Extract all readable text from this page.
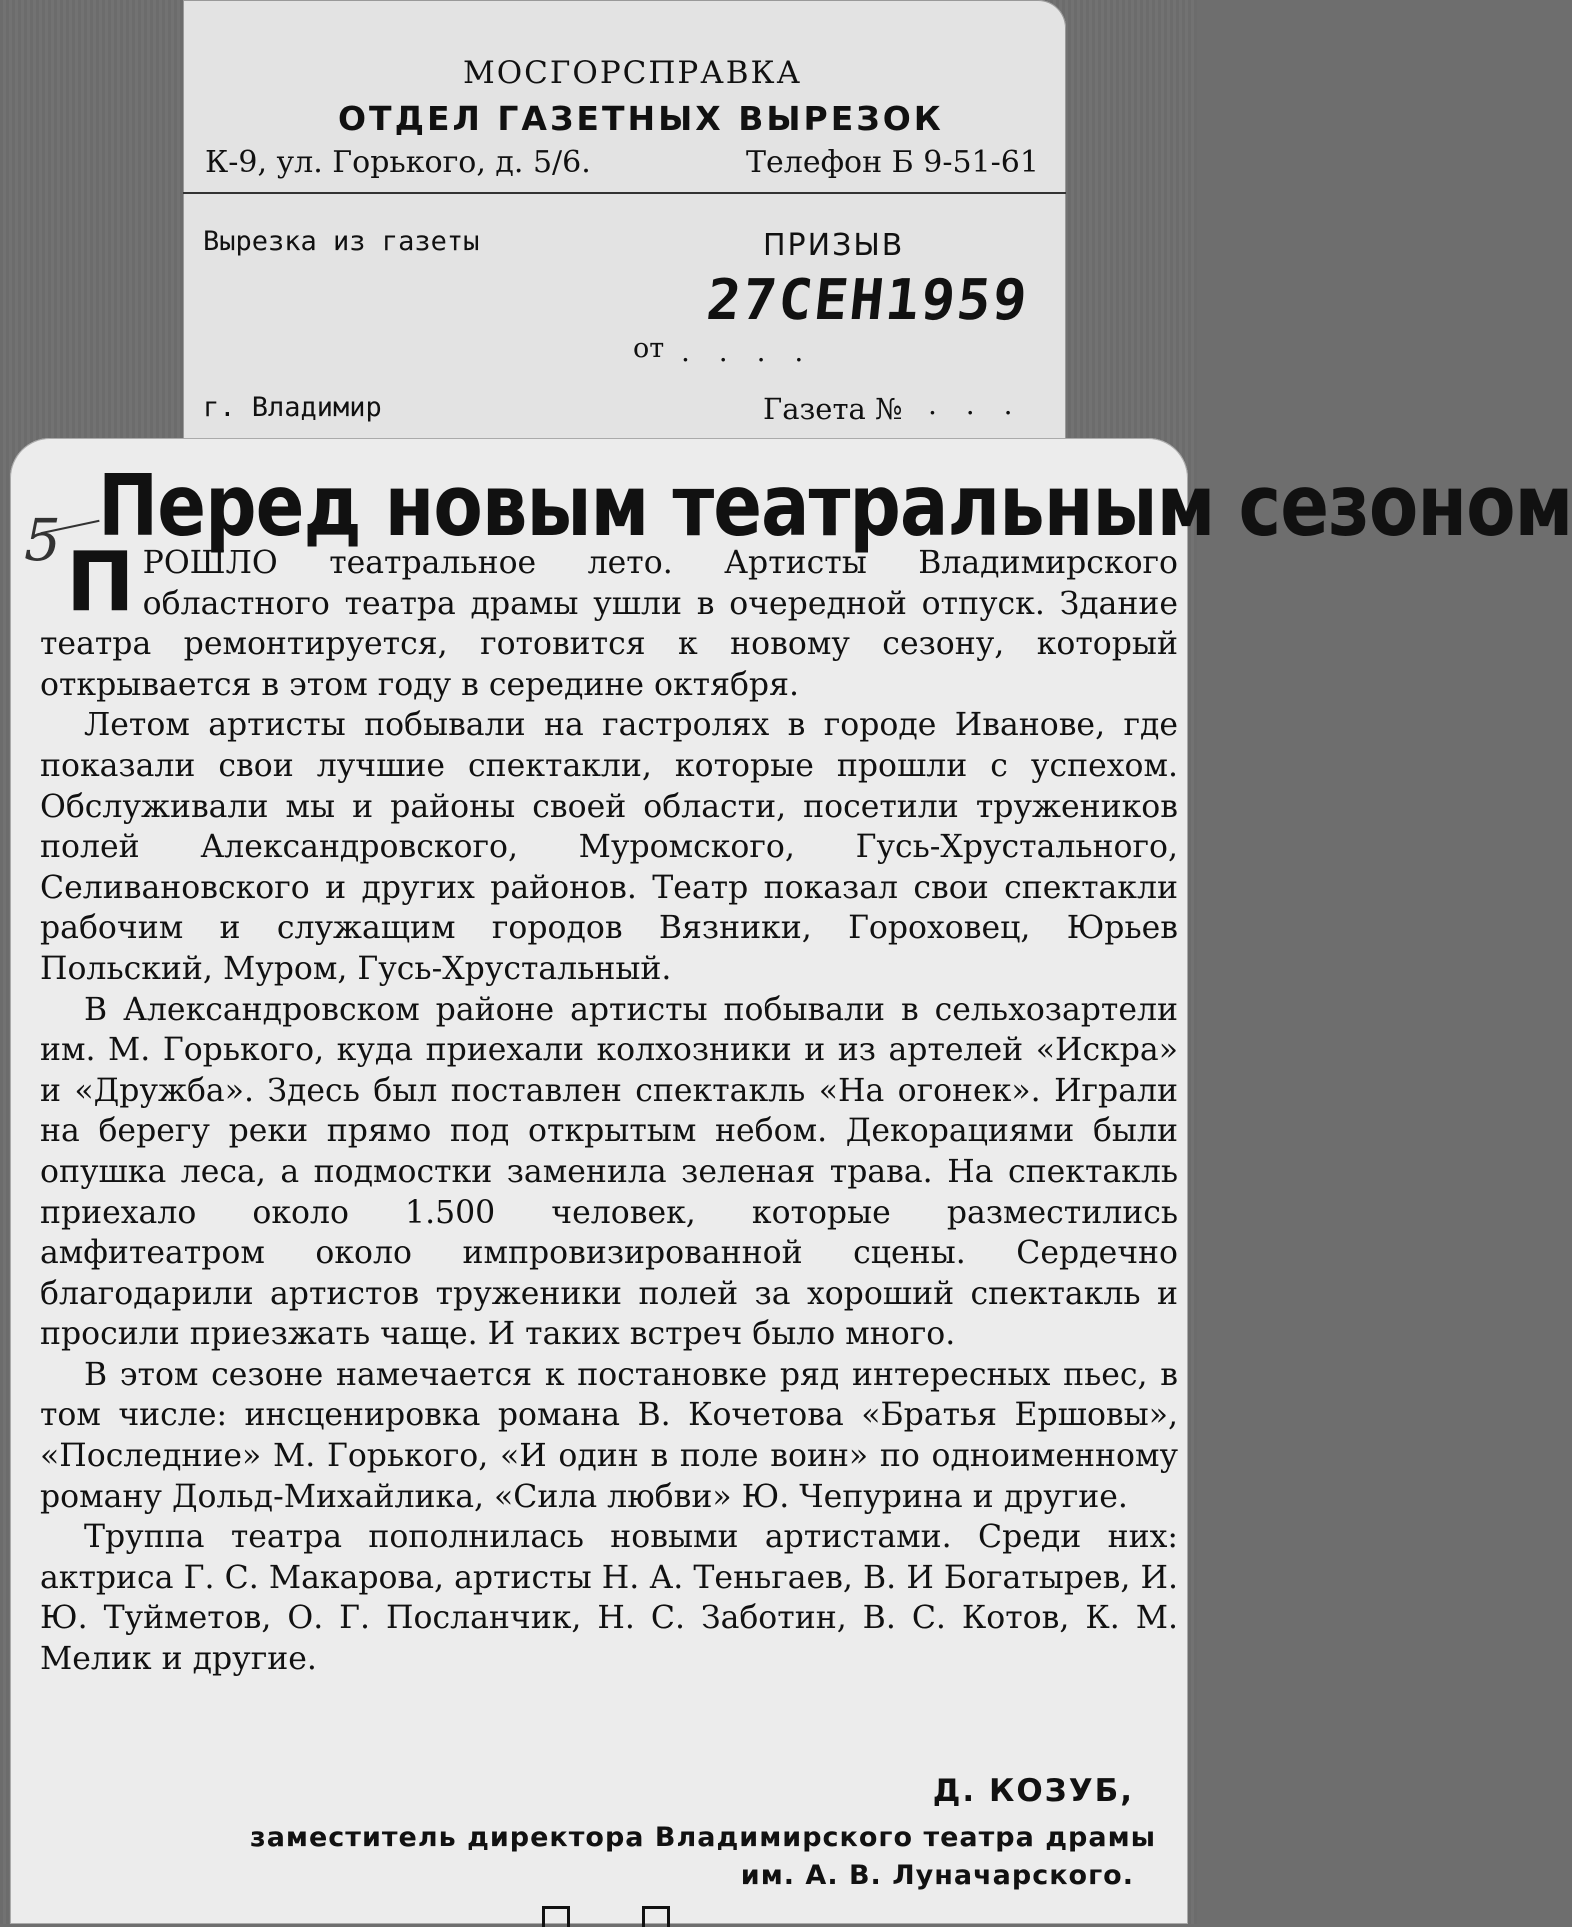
МОСГОРСПРАВКА
ОТДЕЛ ГАЗЕТНЫХ ВЫРЕЗОК
К-9, ул. Горького, д. 5/6.	Телефон Б 9-51-61
Вырезка из газеты	ПРИЗЫВ
27СЕН1959
от . . . .
г. Владимир	Газета № . . .
5 Перед новым театральным сезоном

ПРОШЛО театральное лето. Артисты Владимирского областного театра драмы ушли в очередной отпуск. Здание театра ремонтируется, готовится к новому сезону, который открывается в этом году в середине октября.

Летом артисты побывали на гастролях в городе Иванове, где показали свои лучшие спектакли, которые прошли с успехом. Обслуживали мы и районы своей области, посетили тружеников полей Александровского, Муромского, Гусь-Хрустального, Селивановского и других районов. Театр показал свои спектакли рабочим и служащим городов Вязники, Гороховец, Юрьев Польский, Муром, Гусь-Хрустальный.

В Александровском районе артисты побывали в сельхозартели им. М. Горького, куда приехали колхозники и из артелей «Искра» и «Дружба». Здесь был поставлен спектакль «На огонек». Играли на берегу реки прямо под открытым небом. Декорациями были опушка леса, а подмостки заменила зеленая трава. На спектакль приехало около 1.500 человек, которые разместились амфитеатром около импровизированной сцены. Сердечно благодарили артистов труженики полей за хороший спектакль и просили приезжать чаще. И таких встреч было много.

В этом сезоне намечается к постановке ряд интересных пьес, в том числе: инсценировка романа В. Кочетова «Братья Ершовы», «Последние» М. Горького, «И один в поле воин» по одноименному роману Дольд-Михайлика, «Сила любви» Ю. Чепурина и другие.

Труппа театра пополнилась новыми артистами. Среди них: актриса Г. С. Макарова, артисты Н. А. Теньгаев, В. И Богатырев, И. Ю. Туйметов, О. Г. Посланчик, Н. С. Заботин, В. С. Котов, К. М. Мелик и другие.

Д. КОЗУБ,
заместитель директора Владимирского театра драмы
им. А. В. Луначарского.
